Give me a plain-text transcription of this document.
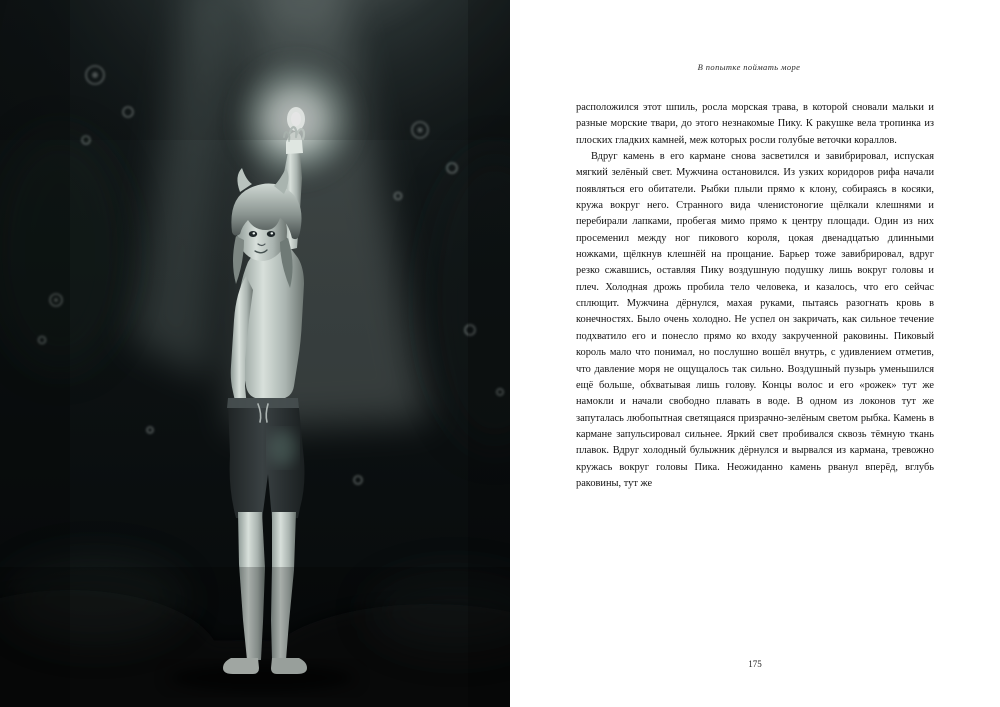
В попытке поймать море

расположился этот шпиль, росла морская трава, в которой сновали мальки и разные морские твари, до этого незнакомые Пику. К ракушке вела тропинка из плоских гладких камней, меж которых росли голубые веточки кораллов.

Вдруг камень в его кармане снова засветился и завибрировал, испуская мягкий зелёный свет. Мужчина остановился. Из узких коридоров рифа начали появляться его обитатели. Рыбки плыли прямо к клону, собираясь в косяки, кружа вокруг него. Странного вида членистоногие щёлкали клешнями и перебирали лапками, пробегая мимо прямо к центру площади. Один из них просеменил между ног пикового короля, цокая двенадцатью длинными ножками, щёлкнув клешнёй на прощание. Барьер тоже завибрировал, вдруг резко сжавшись, оставляя Пику воздушную подушку лишь вокруг головы и плеч. Холодная дрожь пробила тело человека, и казалось, что его сейчас сплющит. Мужчина дёрнулся, махая руками, пытаясь разогнать кровь в конечностях. Было очень холодно. Не успел он закричать, как сильное течение подхватило его и понесло прямо ко входу закрученной раковины. Пиковый король мало что понимал, но послушно вошёл внутрь, с удивлением отметив, что давление моря не ощущалось так сильно. Воздушный пузырь уменьшился ещё больше, обхватывая лишь голову. Концы волос и его «рожек» тут же намокли и начали свободно плавать в воде. В одном из локонов тут же запуталась любопытная светящаяся призрачно-зелёным светом рыбка. Камень в кармане запульсировал сильнее. Яркий свет пробивался сквозь тёмную ткань плавок. Вдруг холодный булыжник дёрнулся и вырвался из кармана, тревожно кружась вокруг головы Пика. Неожиданно камень рванул вперёд, вглубь раковины, тут же

175
